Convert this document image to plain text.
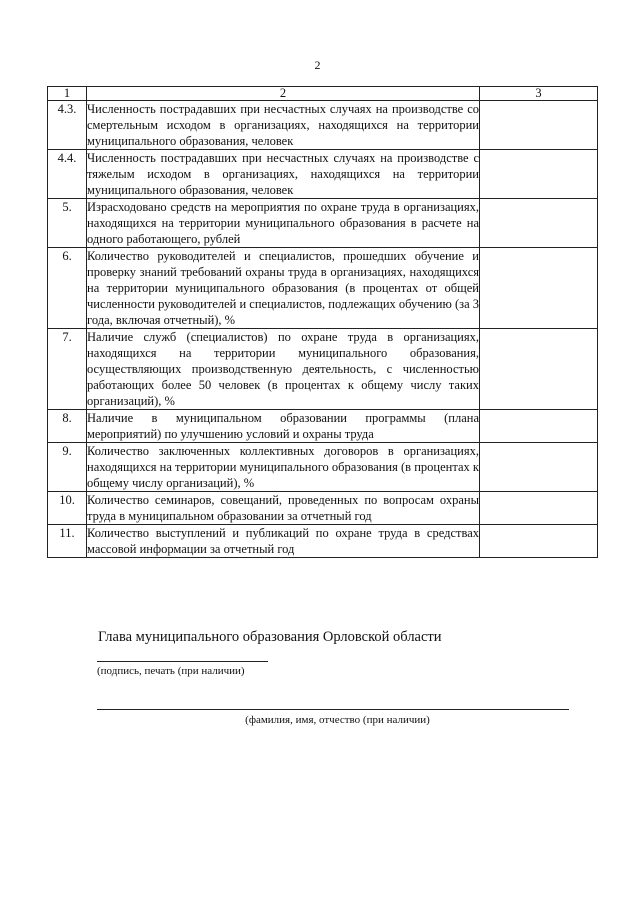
2
1	2	3
4.3.	Численность пострадавших при несчастных случаях на производстве со смертельным исходом в организациях, находящихся на территории муниципального образования, человек	

4.4.	Численность пострадавших при несчастных случаях на производстве с тяжелым исходом в организациях, находящихся на территории муниципального образования, человек	

5.	Израсходовано средств на мероприятия по охране труда в организациях, находящихся на территории муниципального образования в расчете на одного работающего, рублей	

6.	Количество руководителей и специалистов, прошедших обучение и проверку знаний требований охраны труда в организациях, находящихся на территории муниципального образования (в процентах от общей численности руководителей и специалистов, подлежащих обучению (за 3 года, включая отчетный), %	

7.	Наличие служб (специалистов) по охране труда в организациях, находящихся на территории муниципального образования, осуществляющих производственную деятельность, с численностью работающих более 50 человек (в процентах к общему числу таких организаций), %	

8.	Наличие в муниципальном образовании программы (плана мероприятий) по улучшению условий и охраны труда	

9.	Количество заключенных коллективных договоров в организациях, находящихся на территории муниципального образования (в процентах к общему числу организаций), %	

10.	Количество семинаров, совещаний, проведенных по вопросам охраны труда в муниципальном образовании за отчетный год	

11.	Количество выступлений и публикаций по охране труда в средствах массовой информации за отчетный год	

Глава муниципального образования Орловской области
(подпись, печать (при наличии)
(фамилия, имя, отчество (при наличии)
